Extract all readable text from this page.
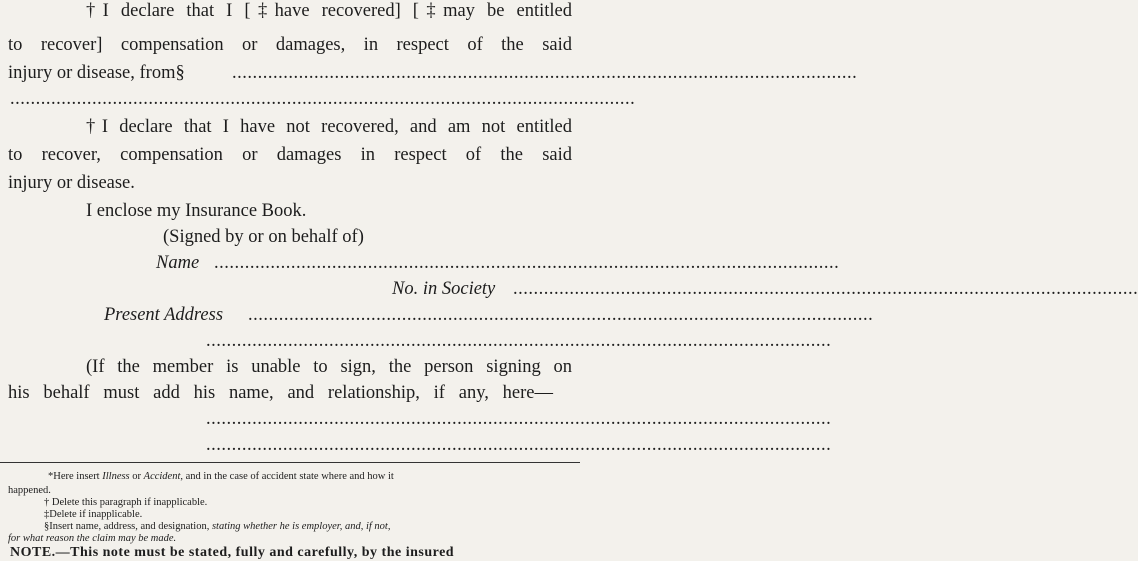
†I declare that I [‡have recovered] [‡may be entitled
to recover] compensation or damages, in respect of the said
injury or disease, from§	..........................................................................................................................
..........................................................................................................................
†I declare that I have not recovered, and am not entitled
to recover, compensation or damages in respect of the said
injury or disease.
I enclose my Insurance Book.
(Signed by or on behalf of)
Name ..........................................................................................................................
No. in Society ..........................................................................................................................
Present Address ..........................................................................................................................
..........................................................................................................................
(If the member is unable to sign, the person signing on
his behalf must add his name, and relationship, if any, here—
..........................................................................................................................
..........................................................................................................................
*Here insert Illness or Accident, and in the case of accident state where and how it
happened.
† Delete this paragraph if inapplicable.
‡Delete if inapplicable.
§Insert name, address, and designation, stating whether he is employer, and, if not,
for what reason the claim may be made.
NOTE.—This note must be stated, fully and carefully, by the insured
